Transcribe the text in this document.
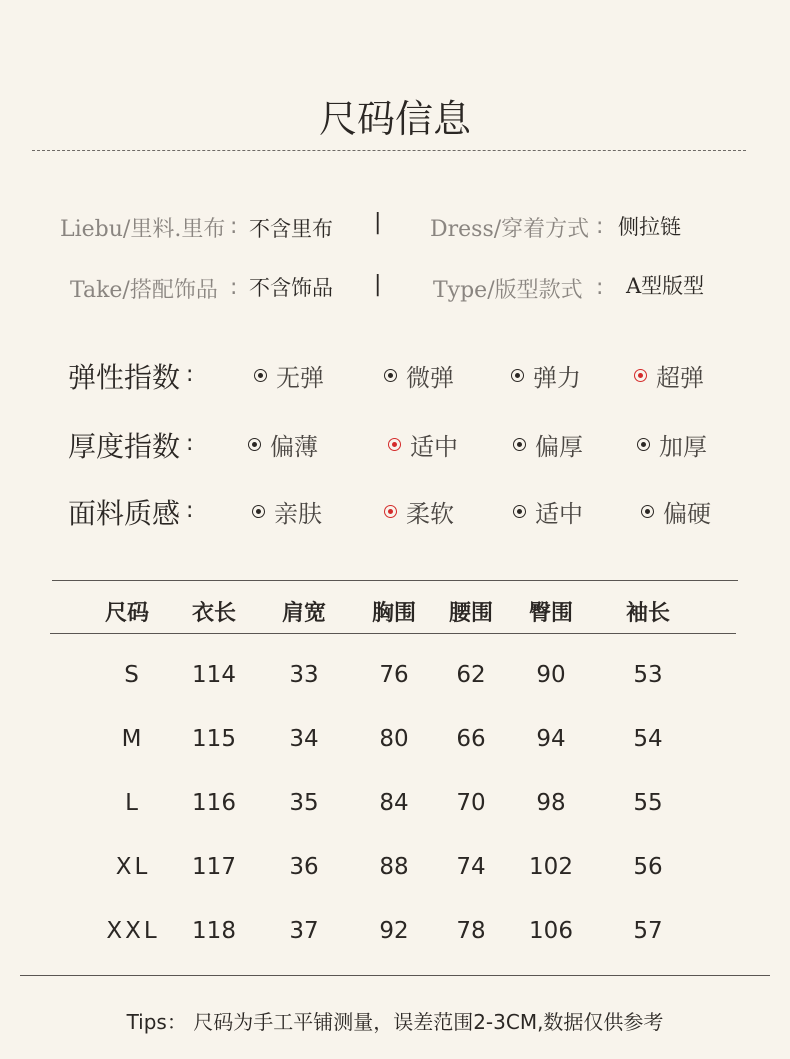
尺码信息
Liebu/里料.里布 : 不含里布 | Dress/穿着方式 : 侧拉链
Take/搭配饰品 : 不含饰品 | Type/版型款式 : A型版型
弹性指数 :	无弹	微弹	弹力	超弹
厚度指数 :	偏薄	适中	偏厚	加厚
面料质感 :	亲肤	柔软	适中	偏硬
尺码	衣长	肩宽	胸围	腰围	臀围	袖长
S	114	33	76	62	90	53
M	115	34	80	66	94	54
L	116	35	84	70	98	55
XL	117	36	88	74	102	56
XXL	118	37	92	78	106	57
Tips： 尺码为手工平铺测量，误差范围2-3CM,数据仅供参考
